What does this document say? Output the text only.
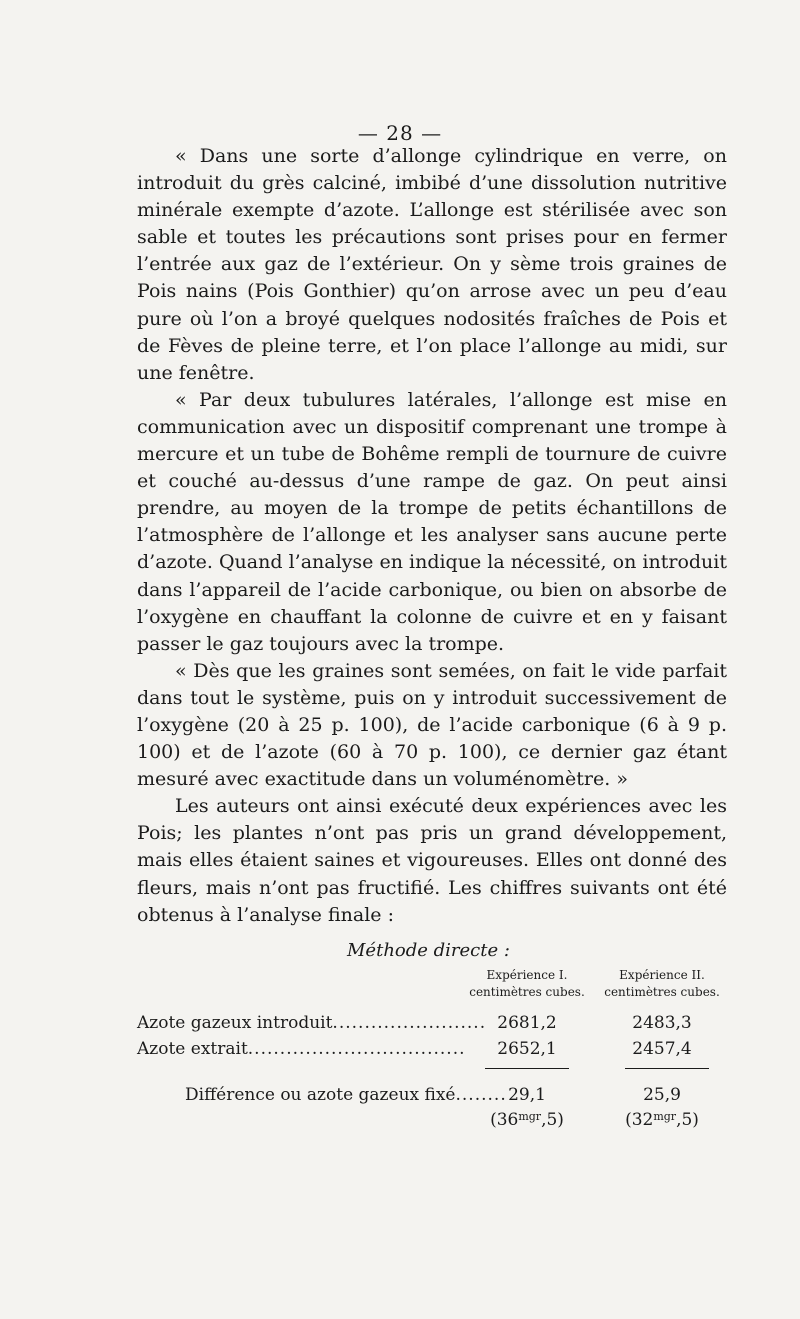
— 28 —

« Dans une sorte d’allonge cylindrique en verre, on introduit du grès calciné, imbibé d’une dissolution nutritive minérale exempte d’azote. L’allonge est stérilisée avec son sable et toutes les précautions sont prises pour en fermer l’entrée aux gaz de l’extérieur. On y sème trois graines de Pois nains (Pois Gonthier) qu’on arrose avec un peu d’eau pure où l’on a broyé quelques nodosités fraîches de Pois et de Fèves de pleine terre, et l’on place l’allonge au midi, sur une fenêtre.

« Par deux tubulures latérales, l’allonge est mise en communication avec un dispositif comprenant une trompe à mercure et un tube de Bohême rempli de tournure de cuivre et couché au-dessus d’une rampe de gaz. On peut ainsi prendre, au moyen de la trompe de petits échantillons de l’atmosphère de l’allonge et les analyser sans aucune perte d’azote. Quand l’analyse en indique la nécessité, on introduit dans l’appareil de l’acide carbonique, ou bien on absorbe de l’oxygène en chauffant la colonne de cuivre et en y faisant passer le gaz toujours avec la trompe.

« Dès que les graines sont semées, on fait le vide parfait dans tout le système, puis on y introduit successivement de l’oxygène (20 à 25 p. 100), de l’acide carbonique (6 à 9 p. 100) et de l’azote (60 à 70 p. 100), ce dernier gaz étant mesuré avec exactitude dans un voluménomètre. »

Les auteurs ont ainsi exécuté deux expériences avec les Pois; les plantes n’ont pas pris un grand développement, mais elles étaient saines et vigoureuses. Elles ont donné des fleurs, mais n’ont pas fructifié. Les chiffres suivants ont été obtenus à l’analyse finale :

Méthode directe :
Expérience I.
centimètres cubes.
Expérience II.
centimètres cubes.
Azote gazeux introduit........................ 2681,2	2483,3
Azote extrait..................................	2652,1	2457,4
Différence ou azote gazeux fixé........ 29,1	25,9
$(36^{mgr},5)$	$(32^{mgr},5)$
